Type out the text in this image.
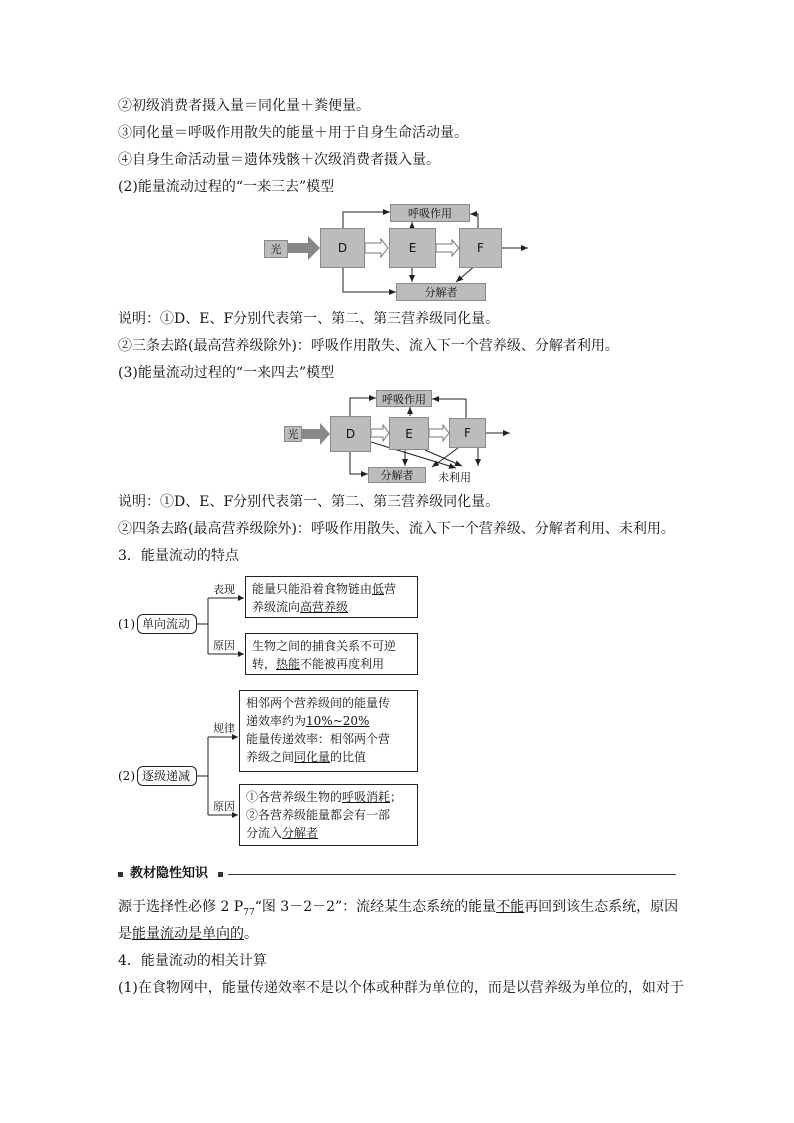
②初级消费者摄入量＝同化量＋粪便量。
③同化量＝呼吸作用散失的能量＋用于自身生命活动量。
④自身生命活动量＝遗体残骸＋次级消费者摄入量。
(2)能量流动过程的“一来三去”模型
光	D	E	F
呼吸作用
分解者
说明：①D、E、F分别代表第一、第二、第三营养级同化量。
②三条去路(最高营养级除外)：呼吸作用散失、流入下一个营养级、分解者利用。
(3)能量流动过程的“一来四去”模型
光	D	E	F
呼吸作用
分解者	未利用
说明：①D、E、F分别代表第一、第二、第三营养级同化量。
②四条去路(最高营养级除外)：呼吸作用散失、流入下一个营养级、分解者利用、未利用。
3．能量流动的特点
(1) 单向流动
表现
原因
能量只能沿着食物链由低营
养级流向高营养级
生物之间的捕食关系不可逆
转，热能不能被再度利用
(2) 逐级递减
规律
原因
相邻两个营养级间的能量传
递效率约为10%~20%
能量传递效率：相邻两个营
养级之间同化量的比值
①各营养级生物的呼吸消耗；
②各营养级能量都会有一部
分流入分解者
教材隐性知识
源于选择性必修 2 $P_{77}“$图 3－2－2”：流经某生态系统的能量不能再回到该生态系统，原因
是能量流动是单向的。
4．能量流动的相关计算
(1)在食物网中，能量传递效率不是以个体或种群为单位的，而是以营养级为单位的，如对于
